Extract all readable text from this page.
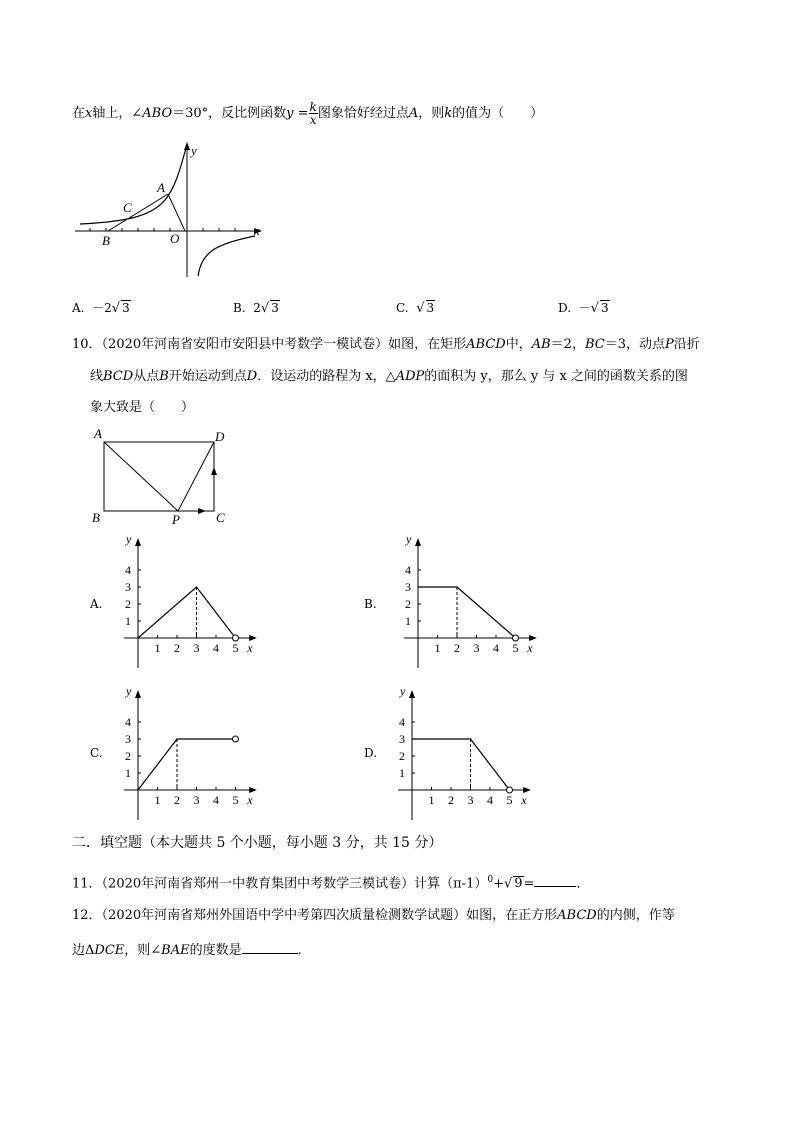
在x轴上，∠ABO＝30°，反比例函数$y = \frac{k}{x}$ 图象恰好经过点A，则k的值为（　　）
y
x
A
C
B	O
A. －2√ 3	B. 2√ 3	C. √ 3	D. －√ 3
10．（2020年河南省安阳市安阳县中考数学一模试卷）如图，在矩形ABCD中，AB＝2，BC＝3，动点P沿折
线BCD从点B开始运动到点D．设运动的路程为 x，△ADP的面积为 y，那么 y 与 x 之间的函数关系的图
象大致是（　　）
A	D
B	P	C
A.
y
x
1 2 3 4 5
1
2
3
4
B.
y
x
1 2 3 4 5
1
2
3
4
C.
y
x
1 2 3 4 5
1
2
3
4
D.
y
x
1 2 3 4 5
1
2
3
4
二．填空题（本大题共 5 个小题，每小题 3 分，共 15 分）
11．（2020年河南省郑州一中教育集团中考数学三模试卷）计算$(\pi-1)^0+√$ 9=	．
12．（2020年河南省郑州外国语中学中考第四次质量检测数学试题）如图，在正方形ABCD的内侧，作等
边ΔDCE，则∠BAE的度数是	．
